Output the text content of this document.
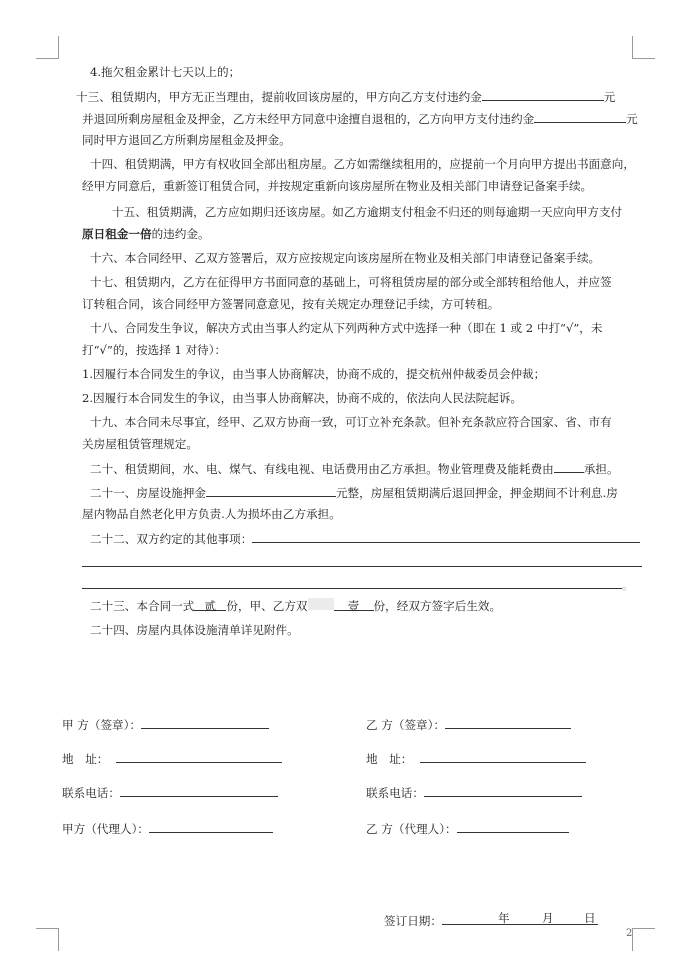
4.拖欠租金累计七天以上的；
十三、租赁期内，甲方无正当理由，提前收回该房屋的，甲方向乙方支付违约金	元
并退回所剩房屋租金及押金，乙方未经甲方同意中途擅自退租的，乙方向甲方支付违约金	元
同时甲方退回乙方所剩房屋租金及押金。
十四、租赁期满，甲方有权收回全部出租房屋。乙方如需继续租用的，应提前一个月向甲方提出书面意向，
经甲方同意后，重新签订租赁合同，并按规定重新向该房屋所在物业及相关部门申请登记备案手续。
十五、租赁期满，乙方应如期归还该房屋。如乙方逾期支付租金不归还的则每逾期一天应向甲方支付
原日租金一倍的违约金。
十六、本合同经甲、乙双方签署后，双方应按规定向该房屋所在物业及相关部门申请登记备案手续。
十七、租赁期内，乙方在征得甲方书面同意的基础上，可将租赁房屋的部分或全部转租给他人，并应签
订转租合同，该合同经甲方签署同意意见，按有关规定办理登记手续，方可转租。
十八、合同发生争议，解决方式由当事人约定从下列两种方式中选择一种（即在 1 或 2 中打“√”，未
打“√”的，按选择 1 对待）：
1.因履行本合同发生的争议，由当事人协商解决，协商不成的，提交杭州仲裁委员会仲裁；
2.因履行本合同发生的争议，由当事人协商解决，协商不成的，依法向人民法院起诉。
十九、本合同未尽事宜，经甲、乙双方协商一致，可订立补充条款。但补充条款应符合国家、省、市有
关房屋租赁管理规定。
二十、租赁期间，水、电、煤气、有线电视、电话费用由乙方承担。物业管理费及能耗费由	承担。
二十一、房屋设施押金	元整，房屋租赁期满后退回押金，押金期间不计利息.房
屋内物品自然老化甲方负责.人为损坏由乙方承担。
二十二、双方约定的其他事项：
。
二十三、本合同一式 贰 份，甲、乙方双	壹 份，经双方签字后生效。
二十四、房屋内具体设施清单详见附件。
甲 方（签章）：	乙 方（签章）：
地　址：	地　址：
联系电话：	联系电话：
甲方（代理人）：	乙 方（代理人）：
签订日期：	年	月	日
2
